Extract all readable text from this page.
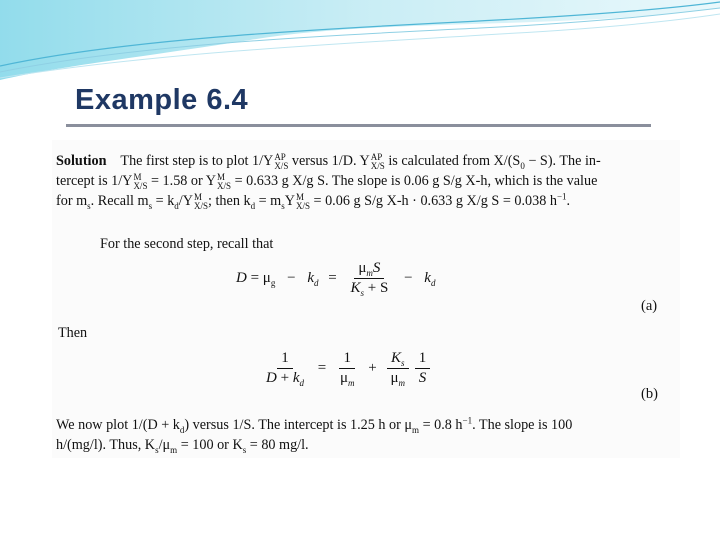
Example 6.4
Solution The first step is to plot 1/YAP
X/S versus 1/D. YAP
X/S is calculated from $X/(S_0 - S)$. The in-
tercept is 1/YM
X/S = 1.58 or YM
X/S = 0.633 g X/g S. The slope is 0.06 g S/g X-h, which is the value
for $m_s$. Recall $m_s = k_d/YM$
X/S; then $k_d = m_sYM$
X/S = 0.06 g S/g X-h · 0.633 g X/g S = 0.038 $h^{-1}$.
For the second step, recall that
$D = \mu_g - k_d = \frac{\mu_mS}{K_s + S} - k_d$
(a)
Then
$\frac{1}{D + k_d} = \frac{1}{\mu_m} + \frac{K_s}{\mu_m}$
$\frac{1}{S}$
(b)
We now plot $1/(D + k_d)$ versus 1/S. The intercept is 1.25 h or $\mu_m = 0.8$ $h^{-1}$. The slope is 100
h/(mg/l). Thus, $K_s/\mu_m = 100$ or $K_s = 80$ mg/l.
